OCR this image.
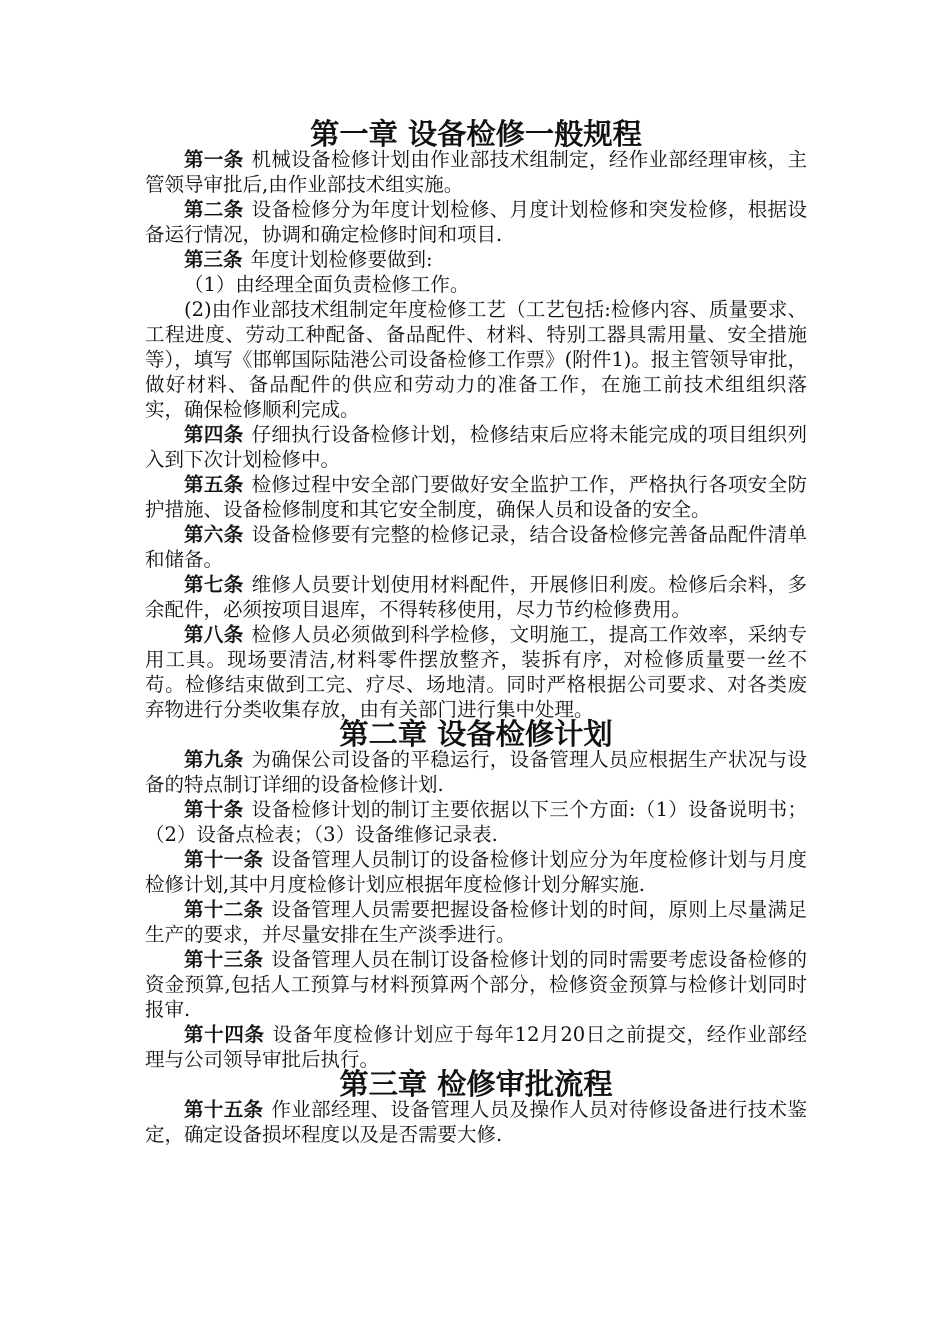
第一章 设备检修一般规程

第一条 机械设备检修计划由作业部技术组制定，经作业部经理审核，主管领导审批后,由作业部技术组实施。

第二条 设备检修分为年度计划检修、月度计划检修和突发检修，根据设备运行情况，协调和确定检修时间和项目.

第三条 年度计划检修要做到:

（1）由经理全面负责检修工作。

(2)由作业部技术组制定年度检修工艺（工艺包括:检修内容、质量要求、工程进度、劳动工种配备、备品配件、材料、特别工器具需用量、安全措施等），填写《邯郸国际陆港公司设备检修工作票》(附件1)。报主管领导审批，做好材料、备品配件的供应和劳动力的准备工作，在施工前技术组组织落实，确保检修顺利完成。

第四条 仔细执行设备检修计划，检修结束后应将未能完成的项目组织列入到下次计划检修中。

第五条 检修过程中安全部门要做好安全监护工作，严格执行各项安全防护措施、设备检修制度和其它安全制度，确保人员和设备的安全。

第六条 设备检修要有完整的检修记录，结合设备检修完善备品配件清单和储备。

第七条 维修人员要计划使用材料配件，开展修旧利废。检修后余料，多余配件，必须按项目退库，不得转移使用，尽力节约检修费用。

第八条 检修人员必须做到科学检修，文明施工，提高工作效率，采纳专用工具。现场要清洁,材料零件摆放整齐，装拆有序，对检修质量要一丝不苟。检修结束做到工完、疗尽、场地清。同时严格根据公司要求、对各类废弃物进行分类收集存放，由有关部门进行集中处理。

第二章 设备检修计划

第九条 为确保公司设备的平稳运行，设备管理人员应根据生产状况与设备的特点制订详细的设备检修计划.

第十条 设备检修计划的制订主要依据以下三个方面:（1）设备说明书；（2）设备点检表；（3）设备维修记录表.

第十一条 设备管理人员制订的设备检修计划应分为年度检修计划与月度检修计划,其中月度检修计划应根据年度检修计划分解实施.

第十二条 设备管理人员需要把握设备检修计划的时间，原则上尽量满足生产的要求，并尽量安排在生产淡季进行。

第十三条 设备管理人员在制订设备检修计划的同时需要考虑设备检修的资金预算,包括人工预算与材料预算两个部分，检修资金预算与检修计划同时报审.

第十四条 设备年度检修计划应于每年12月20日之前提交，经作业部经理与公司领导审批后执行。

第三章 检修审批流程

第十五条 作业部经理、设备管理人员及操作人员对待修设备进行技术鉴定，确定设备损坏程度以及是否需要大修.
